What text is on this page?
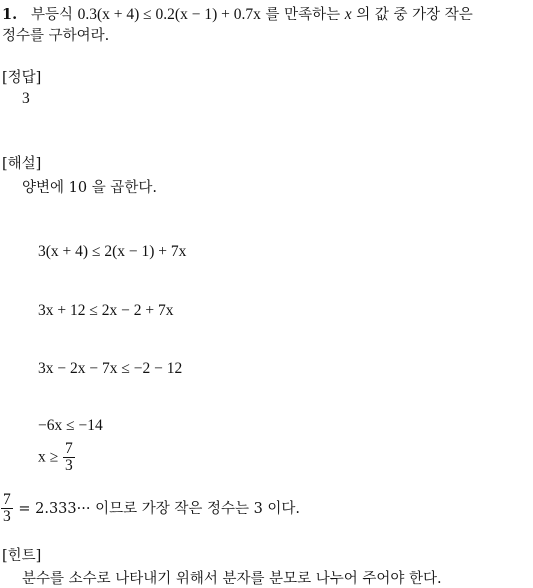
1. 부등식 0.3(x + 4) ≤ 0.2(x − 1) + 0.7x 를 만족하는 x 의 값 중 가장 작은
정수를 구하여라.
[정답]
3
[해설]
양변에 10 을 곱한다.
3(x + 4) ≤ 2(x − 1) + 7x
3x + 12 ≤ 2x − 2 + 7x
3x − 2x − 7x ≤ −2 − 12
−6x ≤ −14
$x \ge \frac{7}{3}$
$\frac{7}{3} = 2.333\cdot\cdot\cdot$ 이므로 가장 작은 정수는 3 이다.
[힌트]
분수를 소수로 나타내기 위해서 분자를 분모로 나누어 주어야 한다.
